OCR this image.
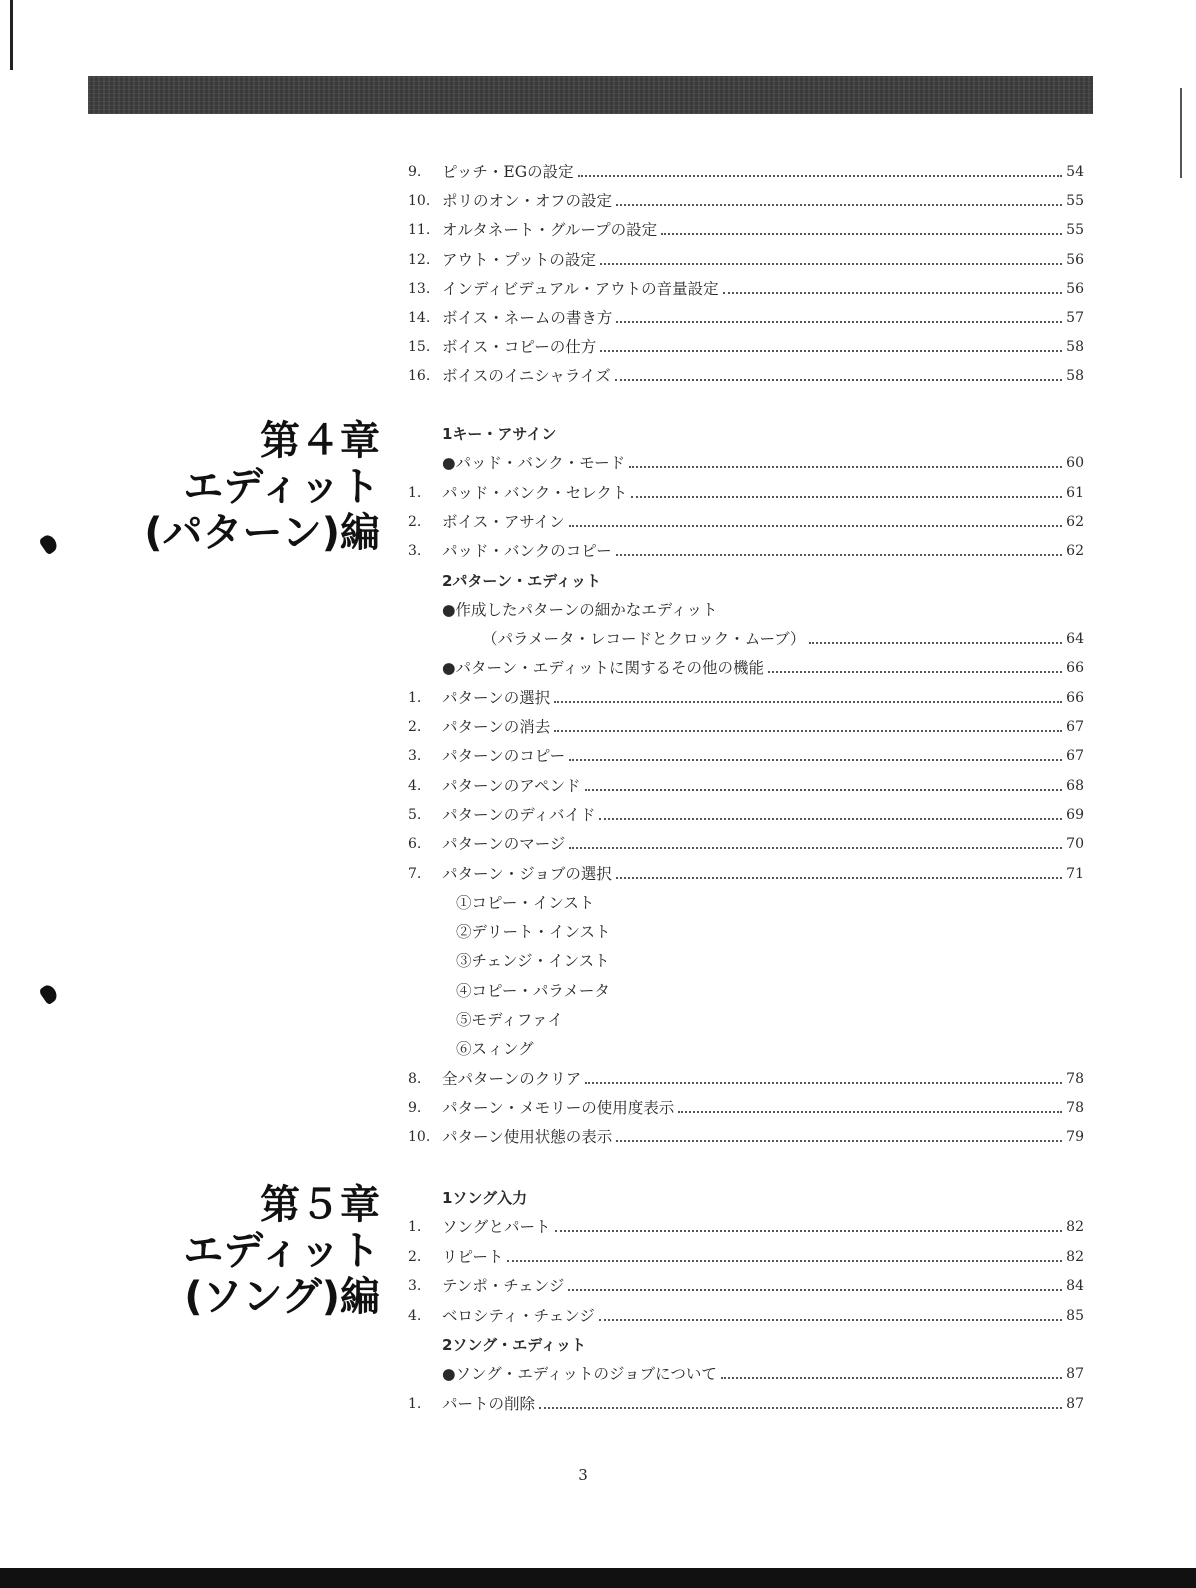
第４章
エディット
(パターン)編
第５章
エディット
(ソング)編
9.	ピッチ・EGの設定	54
10. ポリのオン・オフの設定	55
11. オルタネート・グループの設定	55
12. アウト・プットの設定	56
13. インディビデュアル・アウトの音量設定	56
14. ボイス・ネームの書き方	57
15. ボイス・コピーの仕方	58
16. ボイスのイニシャライズ	58
1キー・アサイン
●パッド・バンク・モード	60
1.	パッド・バンク・セレクト	61
2.	ボイス・アサイン	62
3.	パッド・バンクのコピー	62
2パターン・エディット
●作成したパターンの細かなエディット
（パラメータ・レコードとクロック・ムーブ）	64
●パターン・エディットに関するその他の機能	66
1.	パターンの選択	66
2.	パターンの消去	67
3.	パターンのコピー	67
4.	パターンのアペンド	68
5.	パターンのディバイド	69
6.	パターンのマージ	70
7.	パターン・ジョブの選択	71
①コピー・インスト
②デリート・インスト
③チェンジ・インスト
④コピー・パラメータ
⑤モディファイ
⑥スィング
8.	全パターンのクリア	78
9.	パターン・メモリーの使用度表示	78
10. パターン使用状態の表示	79
1ソング入力
1.	ソングとパート	82
2.	リピート	82
3.	テンポ・チェンジ	84
4.	ベロシティ・チェンジ	85
2ソング・エディット
●ソング・エディットのジョブについて	87
1.	パートの削除	87
3
